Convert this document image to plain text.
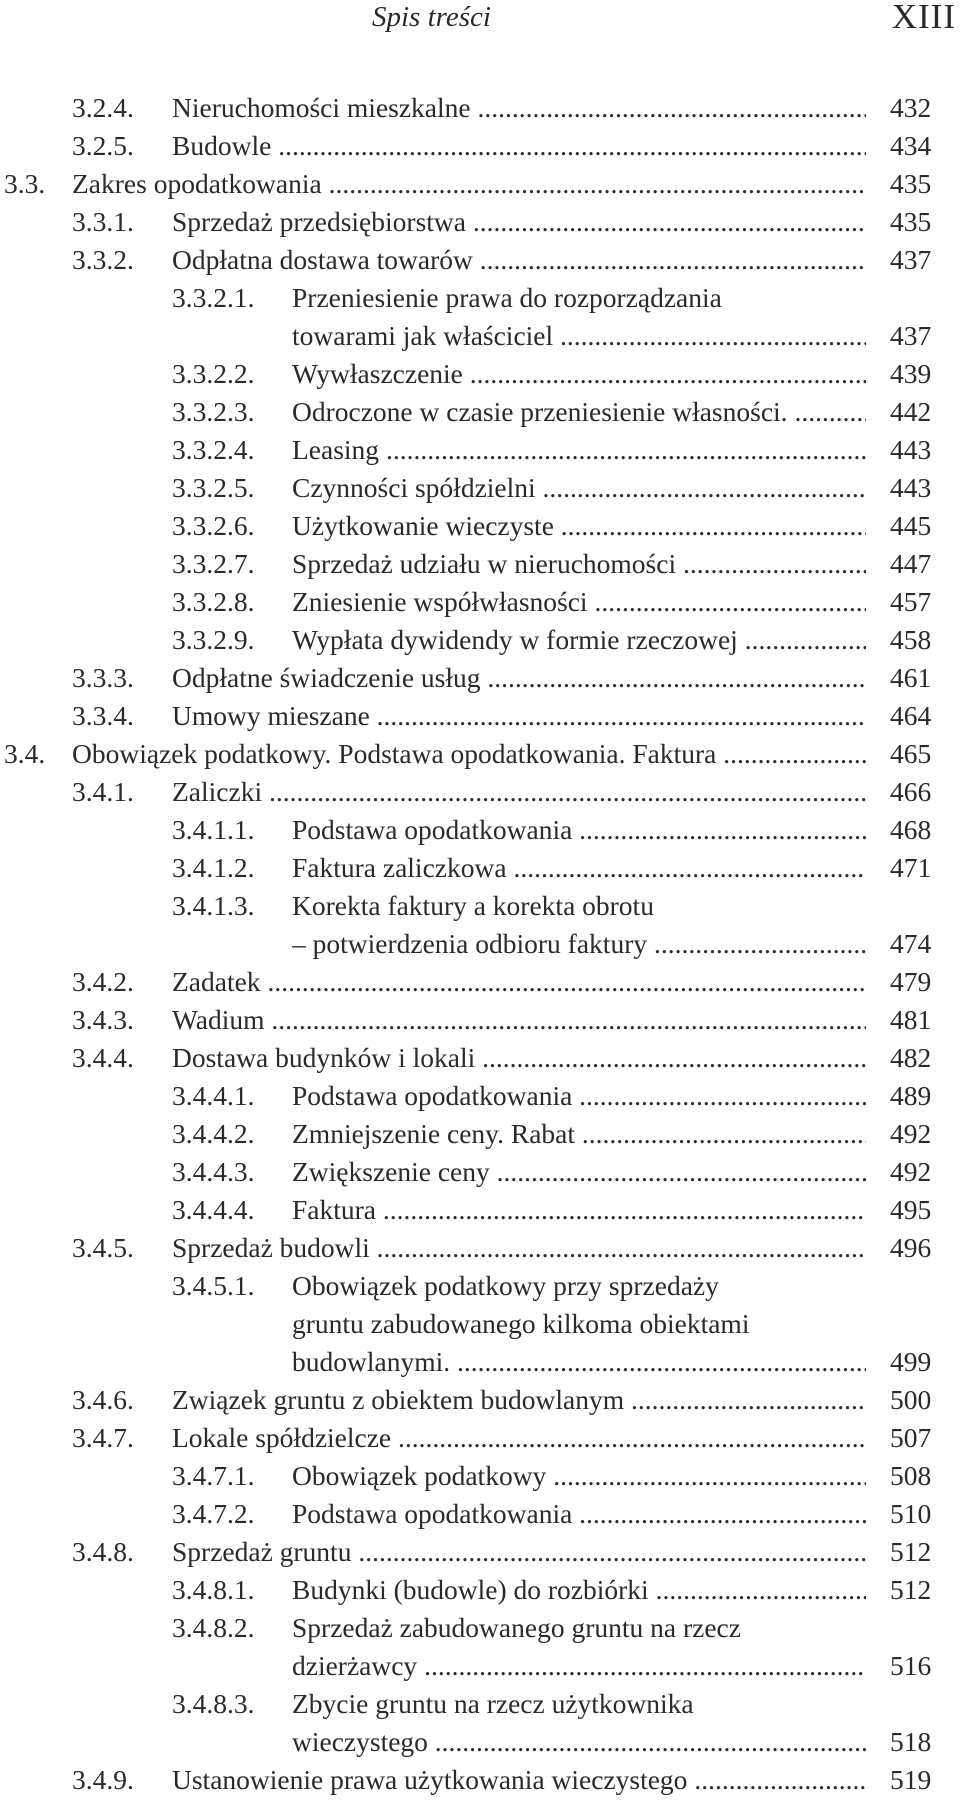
Spis treści	XIII
3.2.4. Nieruchomości mieszkalne .....	432
3.2.5. Budowle .....	434
3.3. Zakres opodatkowania .....	435
3.3.1. Sprzedaż przedsiębiorstwa .....	435
3.3.2. Odpłatna dostawa towarów .....	437
3.3.2.1. Przeniesienie prawa do rozporządzania
towarami jak właściciel .....	437
3.3.2.2. Wywłaszczenie .....	439
3.3.2.3. Odroczone w czasie przeniesienie własności. .....	442
3.3.2.4. Leasing .....	443
3.3.2.5. Czynności spółdzielni .....	443
3.3.2.6. Użytkowanie wieczyste .....	445
3.3.2.7. Sprzedaż udziału w nieruchomości .....	447
3.3.2.8. Zniesienie współwłasności .....	457
3.3.2.9. Wypłata dywidendy w formie rzeczowej .....	458
3.3.3. Odpłatne świadczenie usług .....	461
3.3.4. Umowy mieszane .....	464
3.4. Obowiązek podatkowy. Podstawa opodatkowania. Faktura .....	465
3.4.1. Zaliczki .....	466
3.4.1.1. Podstawa opodatkowania .....	468
3.4.1.2. Faktura zaliczkowa .....	471
3.4.1.3. Korekta faktury a korekta obrotu
– potwierdzenia odbioru faktury .....	474
3.4.2. Zadatek .....	479
3.4.3. Wadium .....	481
3.4.4. Dostawa budynków i lokali .....	482
3.4.4.1. Podstawa opodatkowania .....	489
3.4.4.2. Zmniejszenie ceny. Rabat .....	492
3.4.4.3. Zwiększenie ceny .....	492
3.4.4.4. Faktura .....	495
3.4.5. Sprzedaż budowli .....	496
3.4.5.1. Obowiązek podatkowy przy sprzedaży
gruntu zabudowanego kilkoma obiektami
budowlanymi. .....	499
3.4.6. Związek gruntu z obiektem budowlanym .....	500
3.4.7. Lokale spółdzielcze .....	507
3.4.7.1. Obowiązek podatkowy .....	508
3.4.7.2. Podstawa opodatkowania .....	510
3.4.8. Sprzedaż gruntu .....	512
3.4.8.1. Budynki (budowle) do rozbiórki .....	512
3.4.8.2. Sprzedaż zabudowanego gruntu na rzecz
dzierżawcy .....	516
3.4.8.3. Zbycie gruntu na rzecz użytkownika
wieczystego .....	518
3.4.9. Ustanowienie prawa użytkowania wieczystego .....	519
